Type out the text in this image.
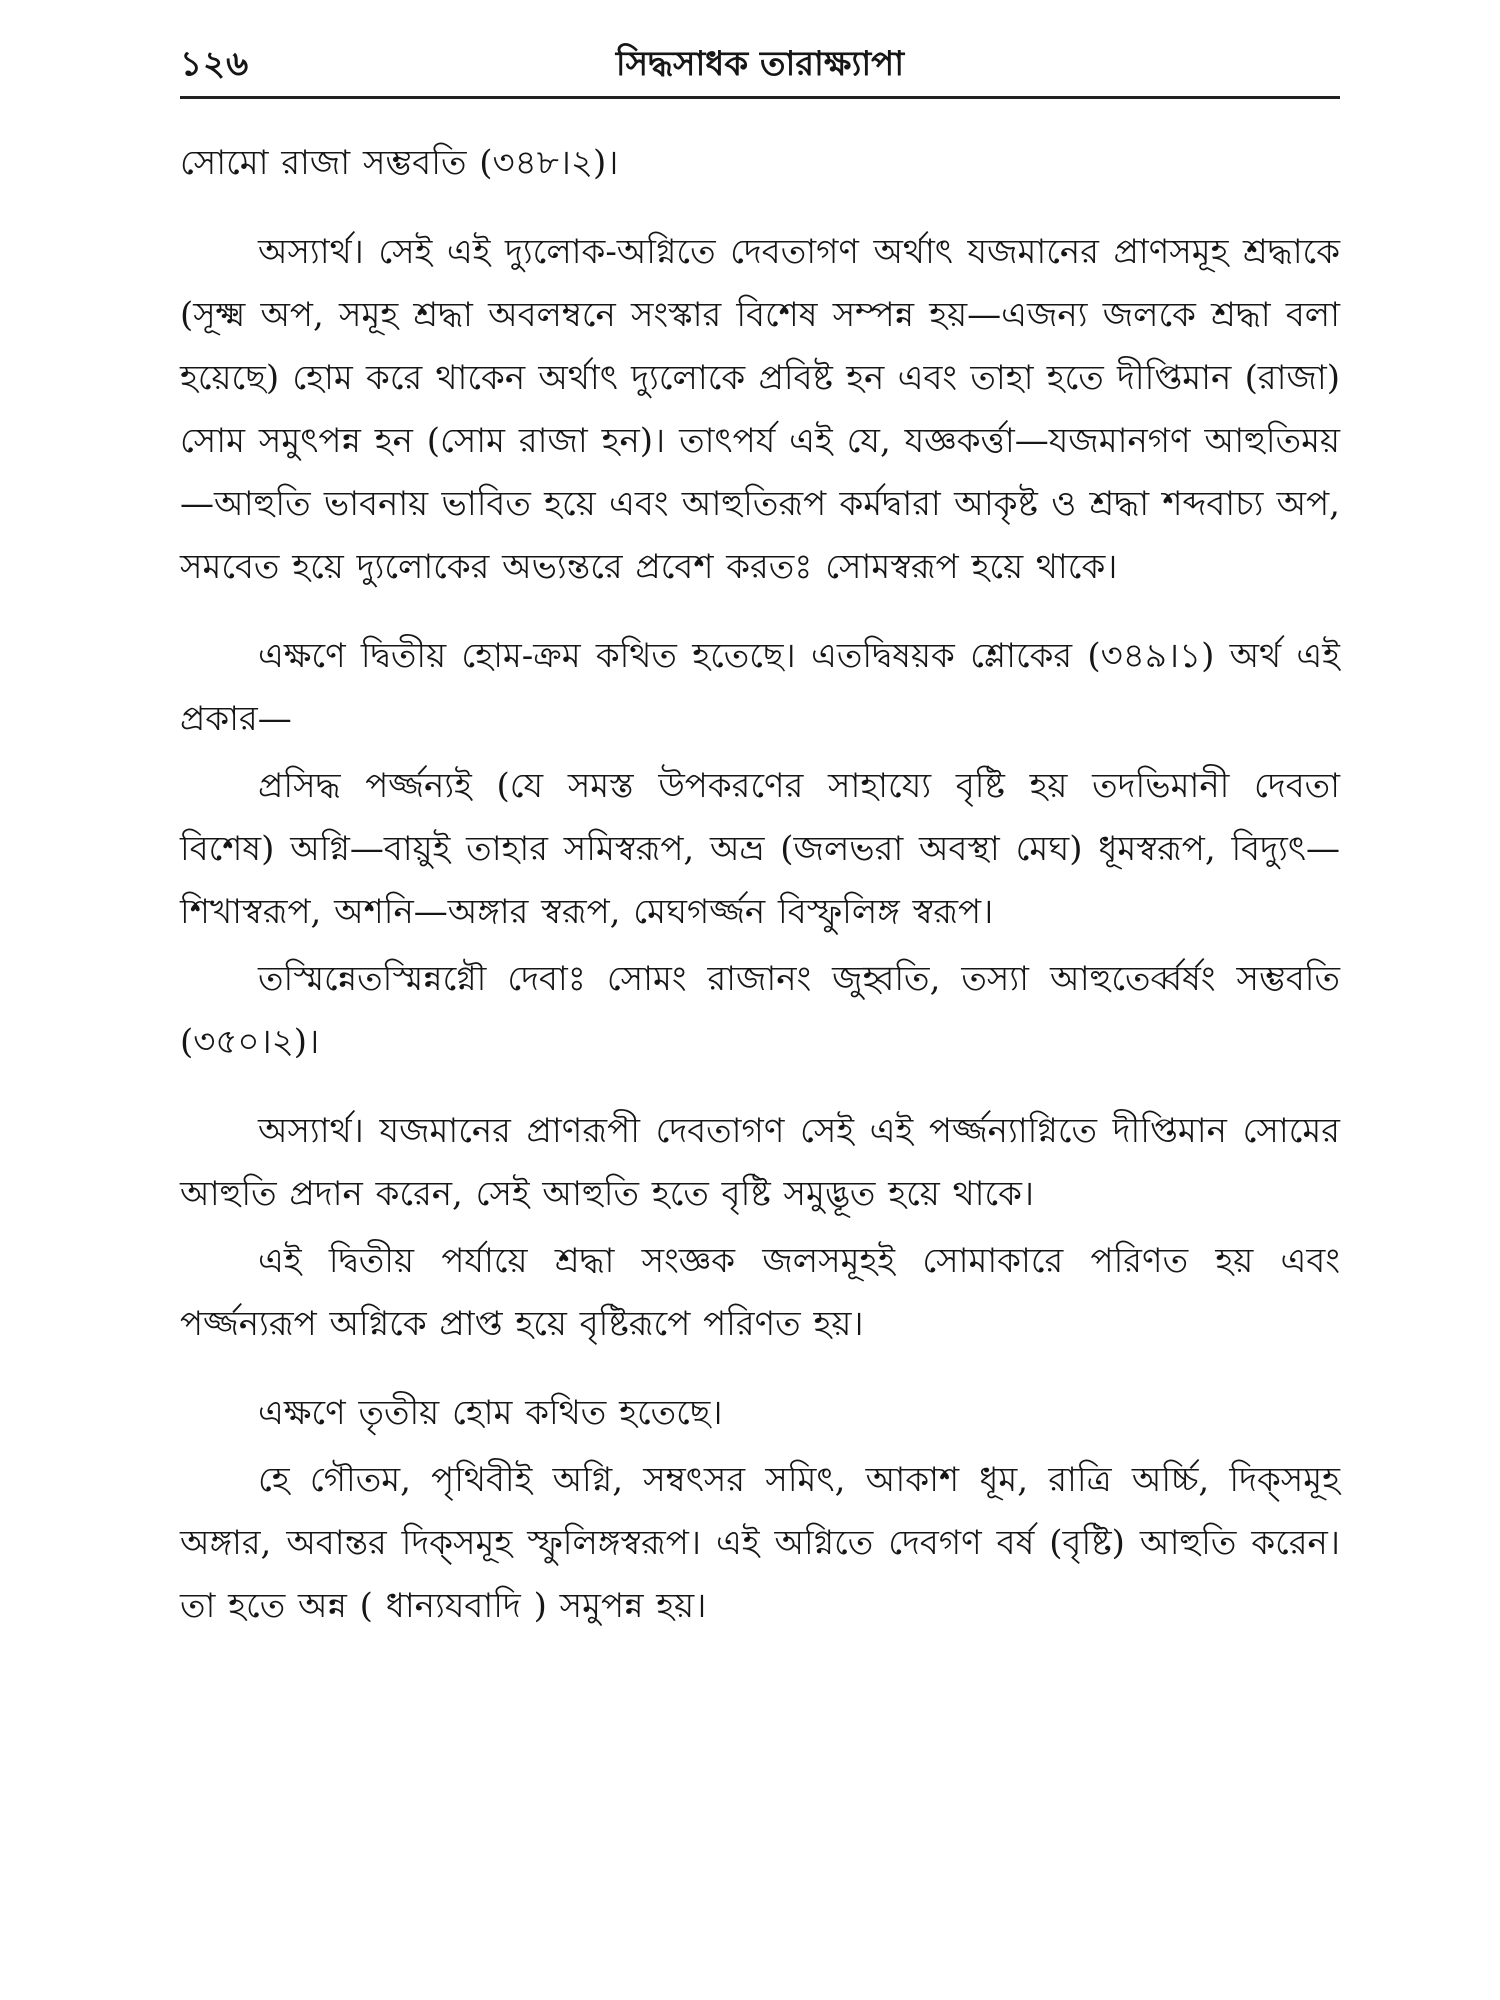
১২৬	সিদ্ধসাধক তারাক্ষ্যাপা

সোমো রাজা সম্ভবতি (৩৪৮।২)।

অস্যার্থ। সেই এই দ্যুলোক-অগ্নিতে দেবতাগণ অর্থাৎ যজমানের প্রাণসমূহ শ্রদ্ধাকে (সূক্ষ্ম অপ, সমূহ শ্রদ্ধা অবলম্বনে সংস্কার বিশেষ সম্পন্ন হয়—এজন্য জলকে শ্রদ্ধা বলা হয়েছে) হোম করে থাকেন অর্থাৎ দ্যুলোকে প্রবিষ্ট হন এবং তাহা হতে দীপ্তিমান (রাজা) সোম সমুৎপন্ন হন (সোম রাজা হন)। তাৎপর্য এই যে, যজ্ঞকর্ত্তা—যজমানগণ আহুতিময়—আহুতি ভাবনায় ভাবিত হয়ে এবং আহুতিরূপ কর্মদ্বারা আকৃষ্ট ও শ্রদ্ধা শব্দবাচ্য অপ, সমবেত হয়ে দ্যুলোকের অভ্যন্তরে প্রবেশ করতঃ সোমস্বরূপ হয়ে থাকে।

এক্ষণে দ্বিতীয় হোম-ক্রম কথিত হতেছে। এতদ্বিষয়ক শ্লোকের (৩৪৯।১) অর্থ এই প্রকার—

প্রসিদ্ধ পর্জ্জন্যই (যে সমস্ত উপকরণের সাহায্যে বৃষ্টি হয় তদভিমানী দেবতা বিশেষ) অগ্নি—বায়ুই তাহার সমিস্বরূপ, অভ্র (জলভরা অবস্থা মেঘ) ধূমস্বরূপ, বিদ্যুৎ—শিখাস্বরূপ, অশনি—অঙ্গার স্বরূপ, মেঘগর্জ্জন বিস্ফুলিঙ্গ স্বরূপ।

তস্মিন্নেতস্মিন্নগ্নৌ দেবাঃ সোমং রাজানং জুহ্বতি, তস্যা আহুতের্ব্বর্ষং সম্ভবতি (৩৫০।২)।

অস্যার্থ। যজমানের প্রাণরূপী দেবতাগণ সেই এই পর্জ্জন্যাগ্নিতে দীপ্তিমান সোমের আহুতি প্রদান করেন, সেই আহুতি হতে বৃষ্টি সমুদ্ভূত হয়ে থাকে।

এই দ্বিতীয় পর্যায়ে শ্রদ্ধা সংজ্ঞক জলসমূহই সোমাকারে পরিণত হয় এবং পর্জ্জন্যরূপ অগ্নিকে প্রাপ্ত হয়ে বৃষ্টিরূপে পরিণত হয়।

এক্ষণে তৃতীয় হোম কথিত হতেছে।

হে গৌতম, পৃথিবীই অগ্নি, সম্বৎসর সমিৎ, আকাশ ধূম, রাত্রি অর্চ্চি, দিক্‌সমূহ অঙ্গার, অবান্তর দিক্‌সমূহ স্ফুলিঙ্গস্বরূপ। এই অগ্নিতে দেবগণ বর্ষ (বৃষ্টি) আহুতি করেন। তা হতে অন্ন ( ধান্যযবাদি ) সমুপন্ন হয়।
